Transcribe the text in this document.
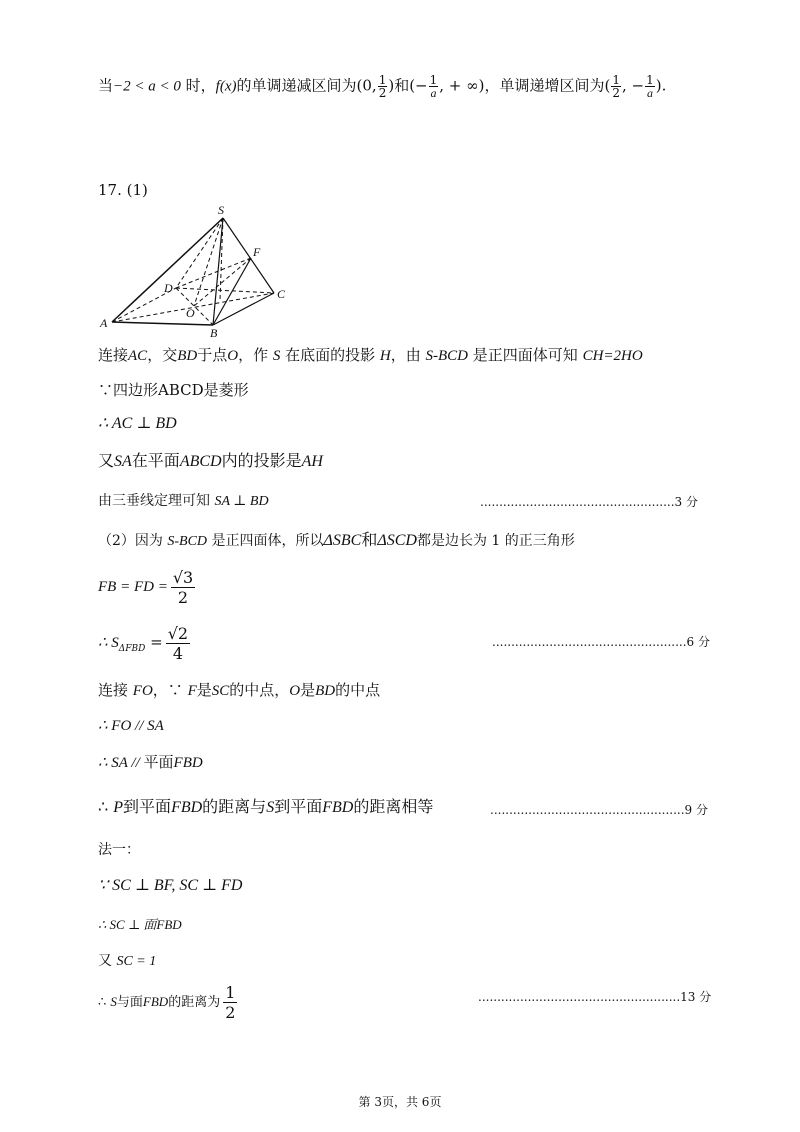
当−2 < a < 0 时，f(x)的单调递减区间为(0, $\frac{1}{2}$ )和(− $\frac{1}{a}$ , + ∞)，单调递增区间为( $\frac{1}{2}$ , − $\frac{1}{a}$ ).
17. (1)
S
F
D	C
O
A
B
连接AC，交BD于点O，作 S 在底面的投影 H，由 S-BCD 是正四面体可知 CH=2HO
∵四边形ABCD是菱形
∴ AC ⊥ BD
又SA在平面ABCD内的投影是AH
由三垂线定理可知 SA ⊥ BD	...................................................3 分
（2）因为 S-BCD 是正四面体，所以ΔSBC和ΔSCD都是边长为 1 的正三角形
FB = FD = $\frac{√3}{2}$
∴ $S_{\Delta FBD} = \frac{√2}{4}$	...................................................6 分
连接 FO，∵ F是SC的中点，O是BD的中点
∴ FO // SA
∴ SA // 平面FBD
∴ P到平面FBD的距离与S到平面FBD的距离相等	...................................................9 分
法一：
∵ SC ⊥ BF, SC ⊥ FD
∴ SC ⊥ 面FBD
又 SC = 1
∴ S与面FBD的距离为 $\frac{1}{2}$	.....................................................13 分
第 3页，共 6页
